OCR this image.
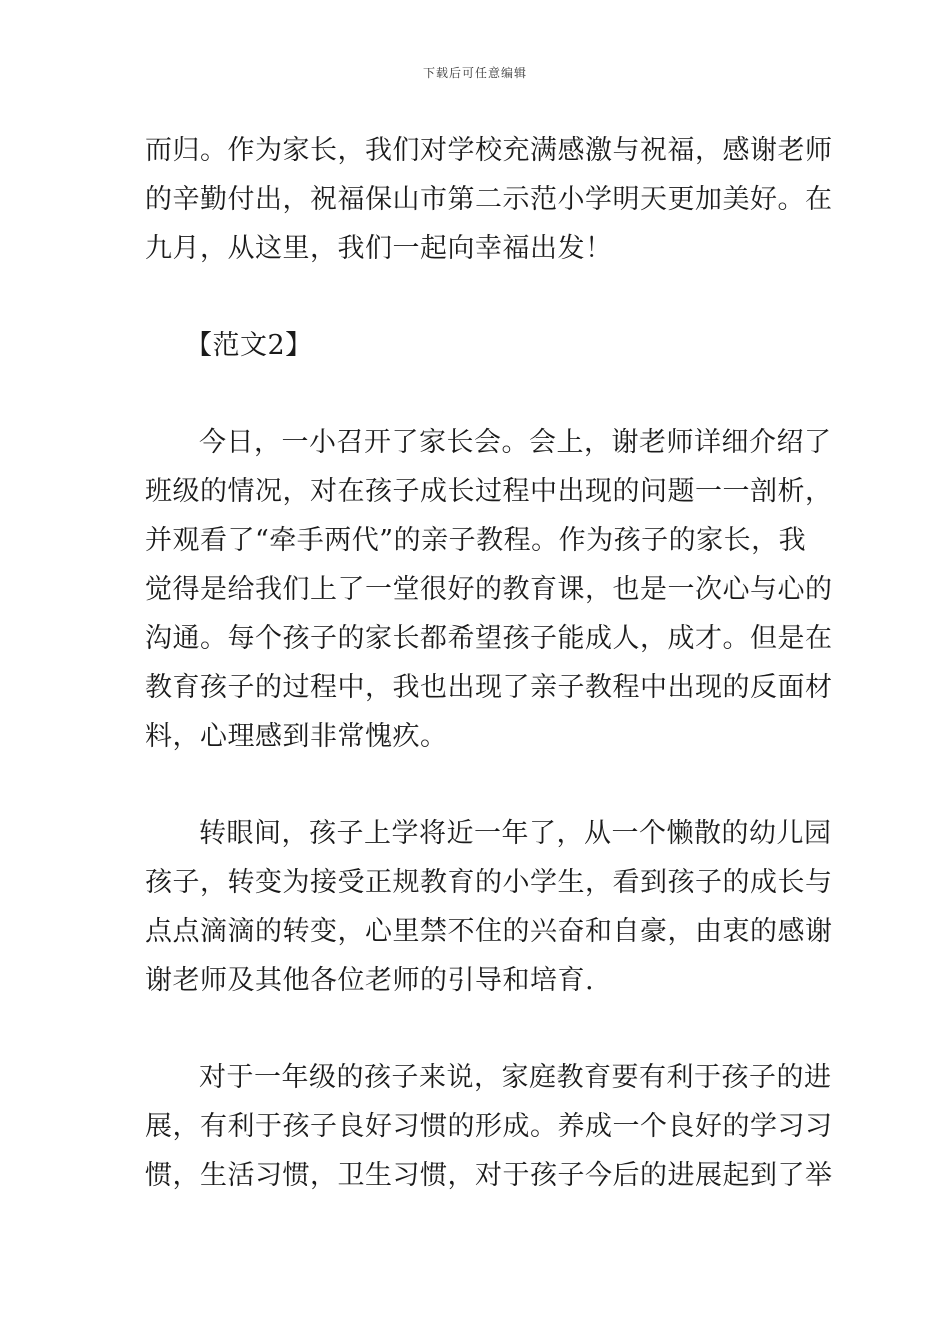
下载后可任意编辑
而归。作为家长，我们对学校充满感激与祝福，感谢老师
的辛勤付出，祝福保山市第二示范小学明天更加美好。在
九月，从这里，我们一起向幸福出发！
【范文2】
今日，一小召开了家长会。会上，谢老师详细介绍了
班级的情况，对在孩子成长过程中出现的问题一一剖析，
并观看了“牵手两代”的亲子教程。作为孩子的家长，我
觉得是给我们上了一堂很好的教育课，也是一次心与心的
沟通。每个孩子的家长都希望孩子能成人，成才。但是在
教育孩子的过程中，我也出现了亲子教程中出现的反面材
料，心理感到非常愧疚。
转眼间，孩子上学将近一年了，从一个懒散的幼儿园
孩子，转变为接受正规教育的小学生，看到孩子的成长与
点点滴滴的转变，心里禁不住的兴奋和自豪，由衷的感谢
谢老师及其他各位老师的引导和培育.
对于一年级的孩子来说，家庭教育要有利于孩子的进
展，有利于孩子良好习惯的形成。养成一个良好的学习习
惯，生活习惯，卫生习惯，对于孩子今后的进展起到了举
